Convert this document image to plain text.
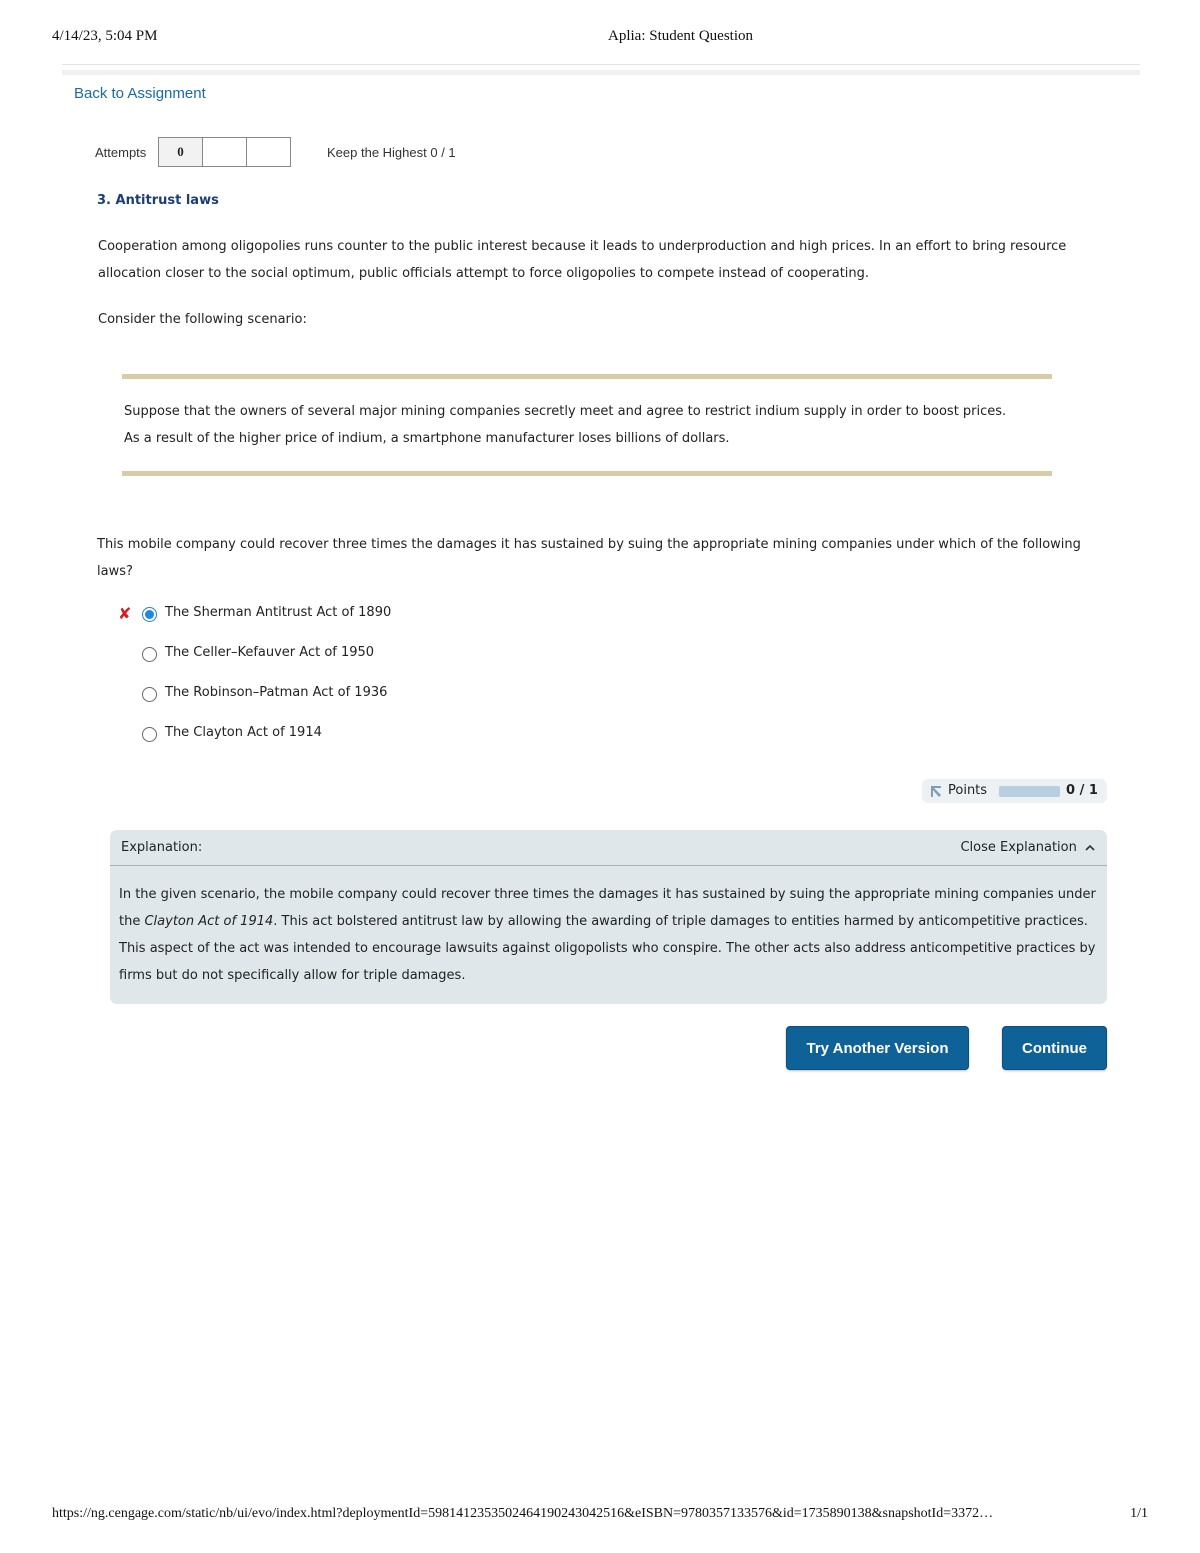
4/14/23, 5:04 PM	Aplia: Student Question
Back to Assignment
Attempts	0	Keep the Highest 0 / 1
3. Antitrust laws
Cooperation among oligopolies runs counter to the public interest because it leads to underproduction and high prices. In an effort to bring resource allocation closer to the social optimum, public officials attempt to force oligopolies to compete instead of cooperating.
Consider the following scenario:
Suppose that the owners of several major mining companies secretly meet and agree to restrict indium supply in order to boost prices.
As a result of the higher price of indium, a smartphone manufacturer loses billions of dollars.
This mobile company could recover three times the damages it has sustained by suing the appropriate mining companies under which of the following laws?
✘	The Sherman Antitrust Act of 1890
The Celler–Kefauver Act of 1950
The Robinson–Patman Act of 1936
The Clayton Act of 1914
Points	0 / 1
Explanation:	Close Explanation
In the given scenario, the mobile company could recover three times the damages it has sustained by suing the appropriate mining companies under the Clayton Act of 1914. This act bolstered antitrust law by allowing the awarding of triple damages to entities harmed by anticompetitive practices. This aspect of the act was intended to encourage lawsuits against oligopolists who conspire. The other acts also address anticompetitive practices by firms but do not specifically allow for triple damages.
Try Another Version	Continue
https://ng.cengage.com/static/nb/ui/evo/index.html?deploymentId=5981412353502464190243042516&eISBN=9780357133576&id=1735890138&snapshotId=3372…	1/1
